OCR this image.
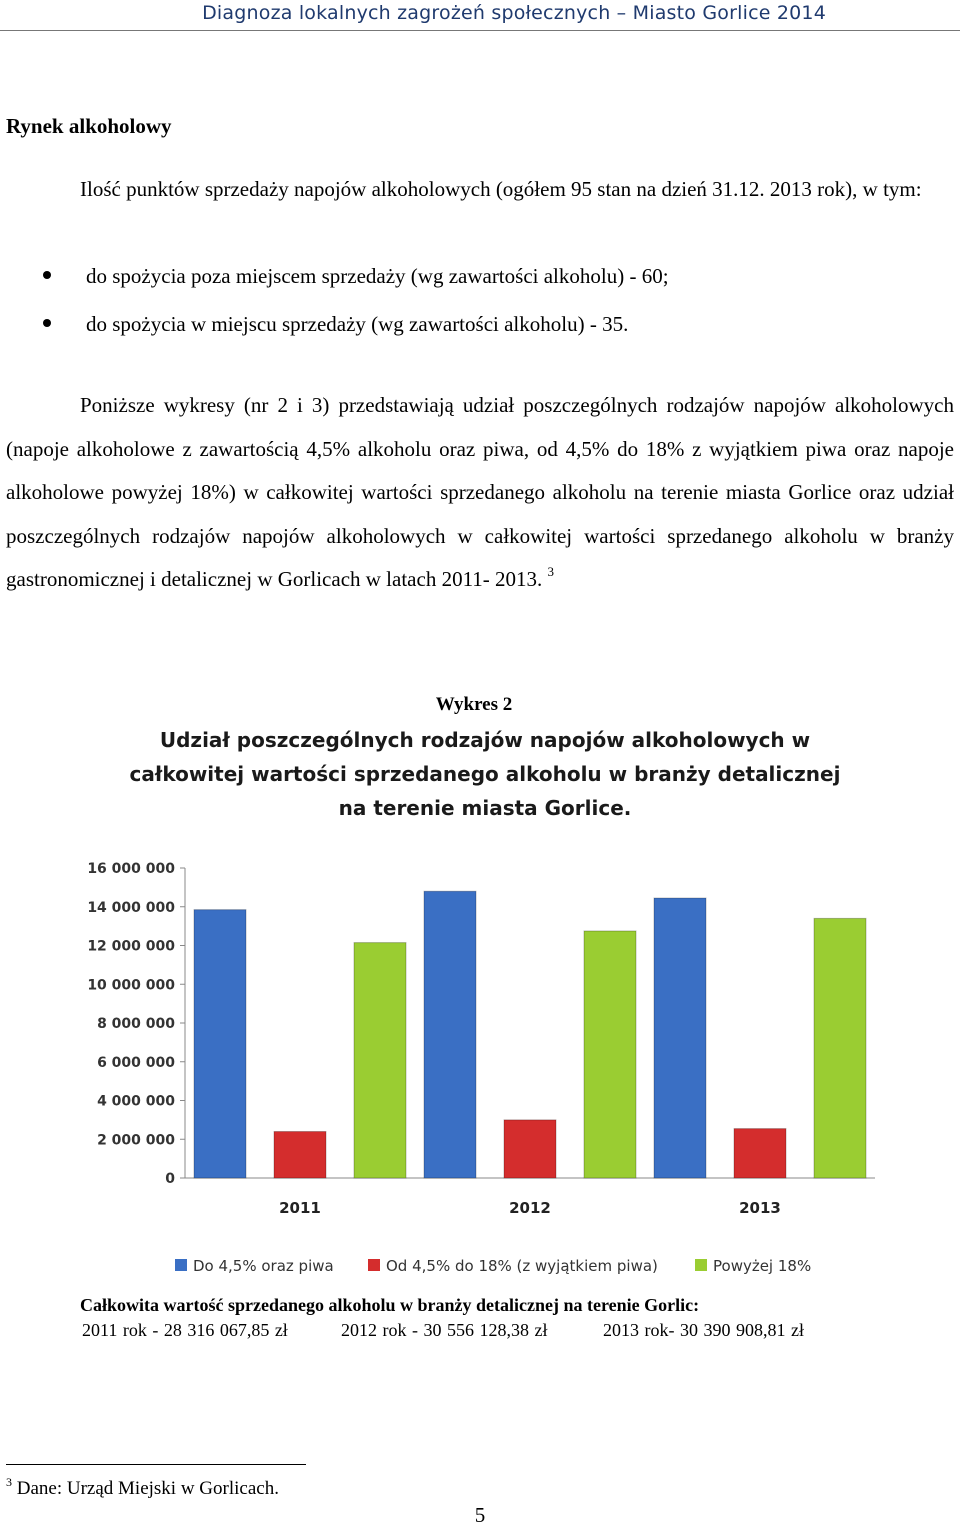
Diagnoza lokalnych zagrożeń społecznych – Miasto Gorlice 2014
Rynek alkoholowy
Ilość punktów sprzedaży napojów alkoholowych (ogółem 95 stan na dzień 31.12. 2013 rok), w tym:
do spożycia poza miejscem sprzedaży (wg zawartości alkoholu) - 60;
do spożycia w miejscu sprzedaży (wg zawartości alkoholu) - 35.
Poniższe wykresy (nr 2 i 3) przedstawiają udział poszczególnych rodzajów napojów alkoholowych (napoje alkoholowe z zawartością 4,5% alkoholu oraz piwa, od 4,5% do 18% z wyjątkiem piwa oraz napoje alkoholowe powyżej 18%) w całkowitej wartości sprzedanego alkoholu na terenie miasta Gorlice oraz udział poszczególnych rodzajów napojów alkoholowych w całkowitej wartości sprzedanego alkoholu w branży gastronomicznej i detalicznej w Gorlicach w latach 2011- 2013. $^3$
Wykres 2
Udział poszczególnych rodzajów napojów alkoholowych w
całkowitej wartości sprzedanego alkoholu w branży detalicznej
na terenie miasta Gorlice.
0
2 000 000
4 000 000
6 000 000
8 000 000
10 000 000
12 000 000
14 000 000
16 000 000
2011	2012	2013
Do 4,5% oraz piwa	Od 4,5% do 18% (z wyjątkiem piwa)	Powyżej 18%
Całkowita wartość sprzedanego alkoholu w branży detalicznej na terenie Gorlic:
2011 rok - 28 316 067,85 zł	2012 rok - 30 556 128,38 zł	2013 rok- 30 390 908,81 zł
$^3$ Dane: Urząd Miejski w Gorlicach.
5
